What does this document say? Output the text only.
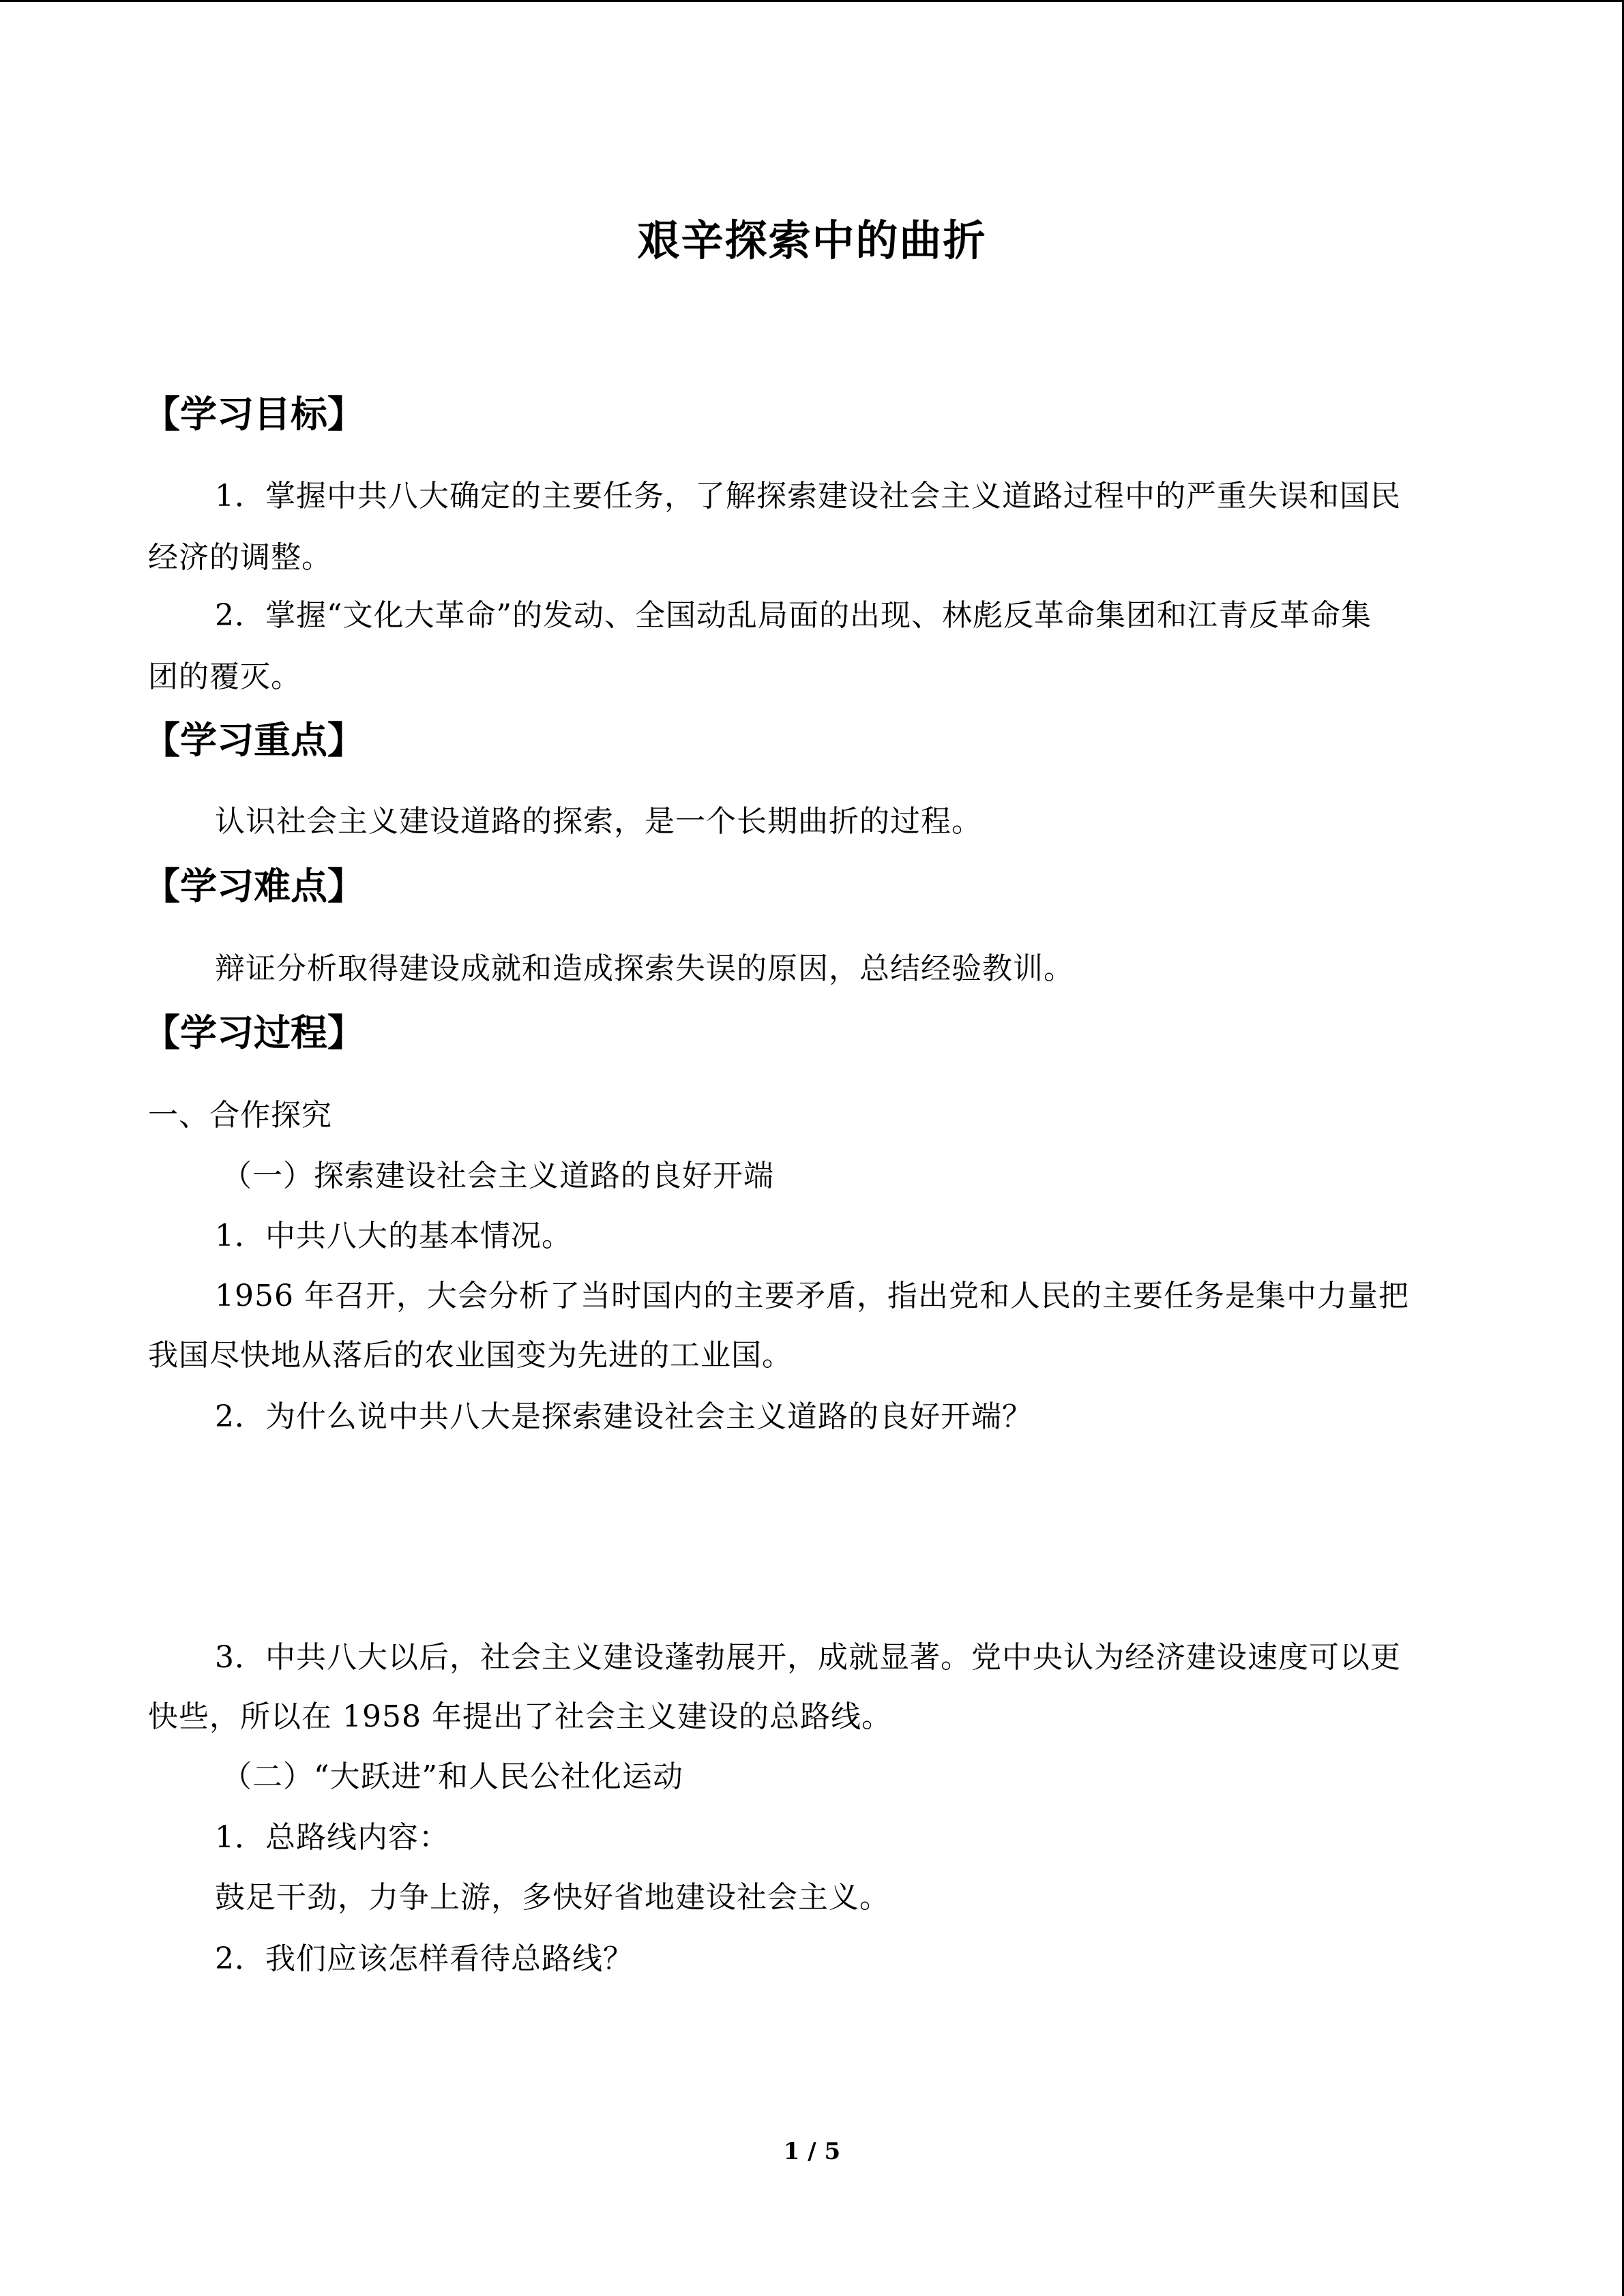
艰辛探索中的曲折
【学习目标】
1．掌握中共八大确定的主要任务，了解探索建设社会主义道路过程中的严重失误和国民
经济的调整。
2．掌握“文化大革命”的发动、全国动乱局面的出现、林彪反革命集团和江青反革命集
团的覆灭。
【学习重点】
认识社会主义建设道路的探索，是一个长期曲折的过程。
【学习难点】
辩证分析取得建设成就和造成探索失误的原因，总结经验教训。
【学习过程】
一、合作探究
（一）探索建设社会主义道路的良好开端
1．中共八大的基本情况。
1956 年召开，大会分析了当时国内的主要矛盾，指出党和人民的主要任务是集中力量把
我国尽快地从落后的农业国变为先进的工业国。
2．为什么说中共八大是探索建设社会主义道路的良好开端？
3．中共八大以后，社会主义建设蓬勃展开，成就显著。党中央认为经济建设速度可以更
快些，所以在 1958 年提出了社会主义建设的总路线。
（二）“大跃进”和人民公社化运动
1．总路线内容：
鼓足干劲，力争上游，多快好省地建设社会主义。
2．我们应该怎样看待总路线？
1 / 5
